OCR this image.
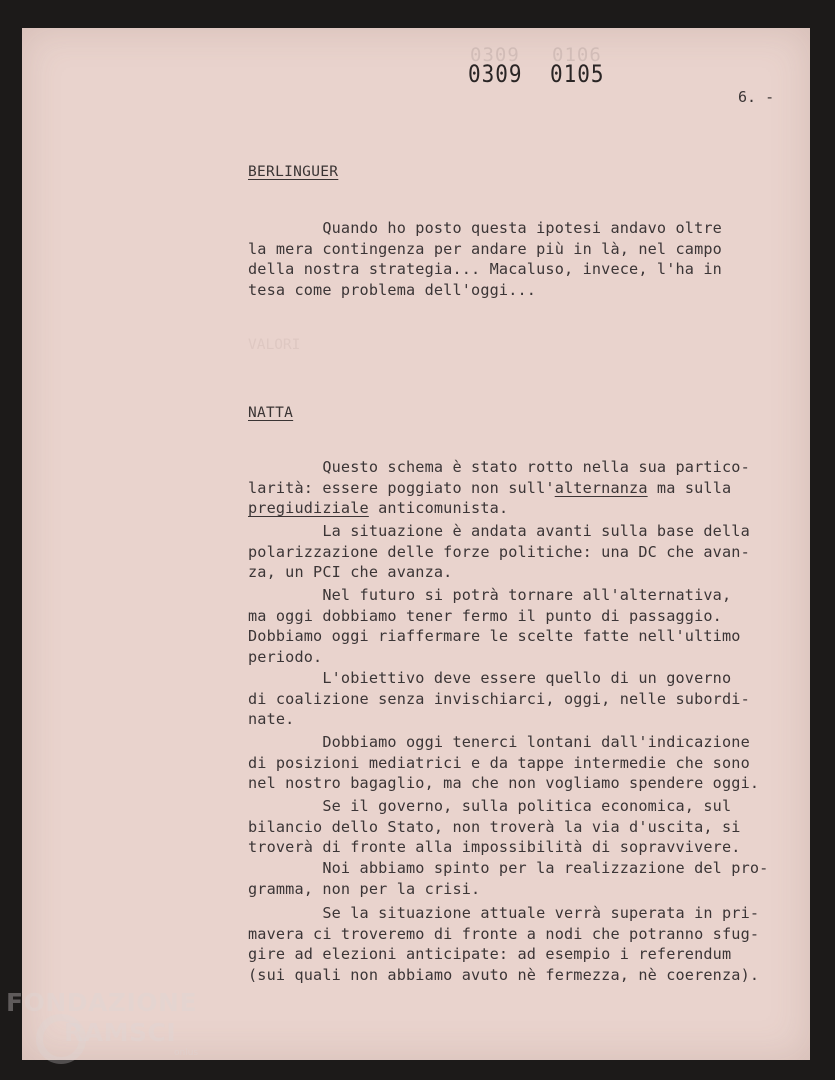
0309 0106
0309 0105
6. -
VALORI
BERLINGUER
Quando ho posto questa ipotesi andavo oltre
la mera contingenza per andare più in là, nel campo
della nostra strategia... Macaluso, invece, l'ha in
tesa come problema dell'oggi...
NATTA
Questo schema è stato rotto nella sua partico-
larità: essere poggiato non sull'alternanza ma sulla
pregiudiziale anticomunista.
La situazione è andata avanti sulla base della
polarizzazione delle forze politiche: una DC che avan-
za, un PCI che avanza.
Nel futuro si potrà tornare all'alternativa,
ma oggi dobbiamo tener fermo il punto di passaggio.
Dobbiamo oggi riaffermare le scelte fatte nell'ultimo
periodo.
L'obiettivo deve essere quello di un governo
di coalizione senza invischiarci, oggi, nelle subordi-
nate.
Dobbiamo oggi tenerci lontani dall'indicazione
di posizioni mediatrici e da tappe intermedie che sono
nel nostro bagaglio, ma che non vogliamo spendere oggi.
Se il governo, sulla politica economica, sul
bilancio dello Stato, non troverà la via d'uscita, si
troverà di fronte alla impossibilità di sopravvivere.
Noi abbiamo spinto per la realizzazione del pro-
gramma, non per la crisi.
Se la situazione attuale verrà superata in pri-
mavera ci troveremo di fronte a nodi che potranno sfug-
gire ad elezioni anticipate: ad esempio i referendum
(sui quali non abbiamo avuto nè fermezza, nè coerenza).
FONDAZIONE
RAMSCI
onlus
